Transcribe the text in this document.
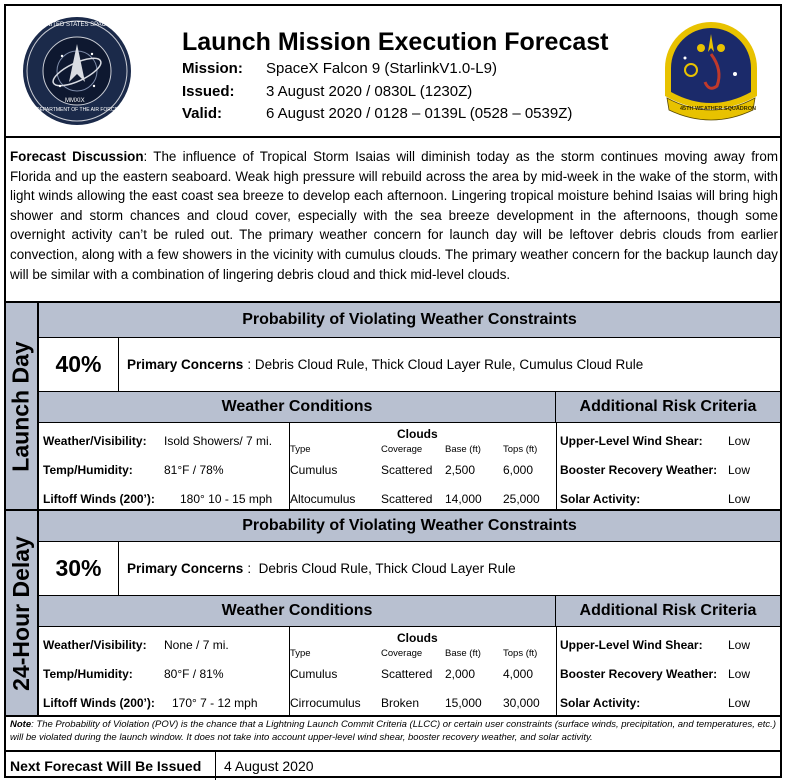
UNITED STATES SPACE FORCE
MMXIX
DEPARTMENT OF THE AIR FORCE
Launch Mission Execution Forecast
Mission: SpaceX Falcon 9 (StarlinkV1.0-L9)
Issued: 3 August 2020 / 0830L (1230Z)
Valid:	6 August 2020 / 0128 – 0139L (0528 – 0539Z)	45TH WEATHER SQUADRON
Forecast Discussion: The influence of Tropical Storm Isaias will diminish today as the storm continues moving away from Florida and up the eastern seaboard. Weak high pressure will rebuild across the area by mid-week in the wake of the storm, with light winds allowing the east coast sea breeze to develop each afternoon. Lingering tropical moisture behind Isaias will bring high shower and storm chances and cloud cover, especially with the sea breeze development in the afternoons, though some overnight activity can’t be ruled out. The primary weather concern for launch day will be leftover debris clouds from earlier convection, along with a few showers in the vicinity with cumulus clouds. The primary weather concern for the backup launch day will be similar with a combination of lingering debris cloud and thick mid-level clouds.
Launch Day
Probability of Violating Weather Constraints
40%	Primary Concerns : Debris Cloud Rule, Thick Cloud Layer Rule, Cumulus Cloud Rule
Weather Conditions	Additional Risk Criteria
Weather/Visibility: Isold Showers/ 7 mi.
Temp/Humidity:	81°F / 78%
Liftoff Winds (200’): 180° 10 - 15 mph
Clouds
Type	Coverage Base (ft) Tops (ft)
Cumulus	Scattered 2,500 6,000
Altocumulus Scattered 14,000 25,000
Upper-Level Wind Shear: Low
Booster Recovery Weather: Low
Solar Activity:	Low
24-Hour Delay
Probability of Violating Weather Constraints
30%	Primary Concerns :  Debris Cloud Rule, Thick Cloud Layer Rule
Weather Conditions	Additional Risk Criteria
Weather/Visibility: None / 7 mi.
Temp/Humidity:	80°F / 81%
Liftoff Winds (200’): 170° 7 - 12 mph
Clouds
Type	Coverage Base (ft) Tops (ft)
Cumulus	Scattered 2,000 4,000
Cirrocumulus Broken 15,000 30,000
Upper-Level Wind Shear: Low
Booster Recovery Weather: Low
Solar Activity:	Low
Note: The Probability of Violation (POV) is the chance that a Lightning Launch Commit Criteria (LLCC) or certain user constraints (surface winds, precipitation, and temperatures, etc.) will be violated during the launch window. It does not take into account upper-level wind shear, booster recovery weather, and solar activity.
Next Forecast Will Be Issued 4 August 2020
